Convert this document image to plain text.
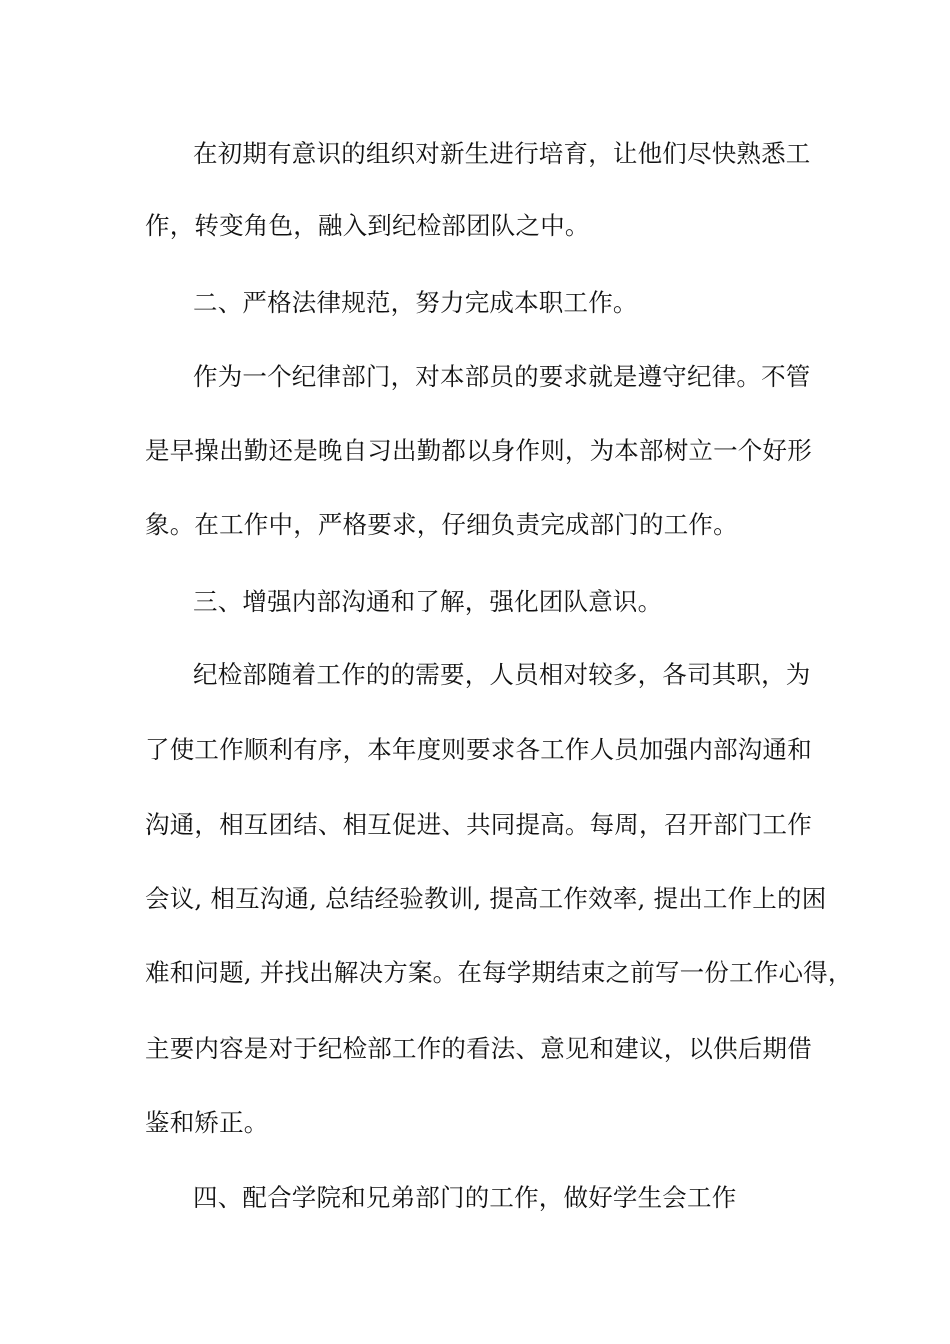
在初期有意识的组织对新生进行培育，让他们尽快熟悉工
作，转变角色，融入到纪检部团队之中。
二、严格法律规范，努力完成本职工作。
作为一个纪律部门，对本部员的要求就是遵守纪律。不管
是早操出勤还是晚自习出勤都以身作则，为本部树立一个好形
象。在工作中，严格要求，仔细负责完成部门的工作。
三、增强内部沟通和了解，强化团队意识。
纪检部随着工作的的需要，人员相对较多，各司其职，为
了使工作顺利有序，本年度则要求各工作人员加强内部沟通和
沟通，相互团结、相互促进、共同提高。每周，召开部门工作
会议, 相互沟通, 总结经验教训, 提高工作效率, 提出工作上的困
难和问题, 并找出解决方案。在每学期结束之前写一份工作心得，
主要内容是对于纪检部工作的看法、意见和建议，以供后期借
鉴和矫正。
四、配合学院和兄弟部门的工作，做好学生会工作
